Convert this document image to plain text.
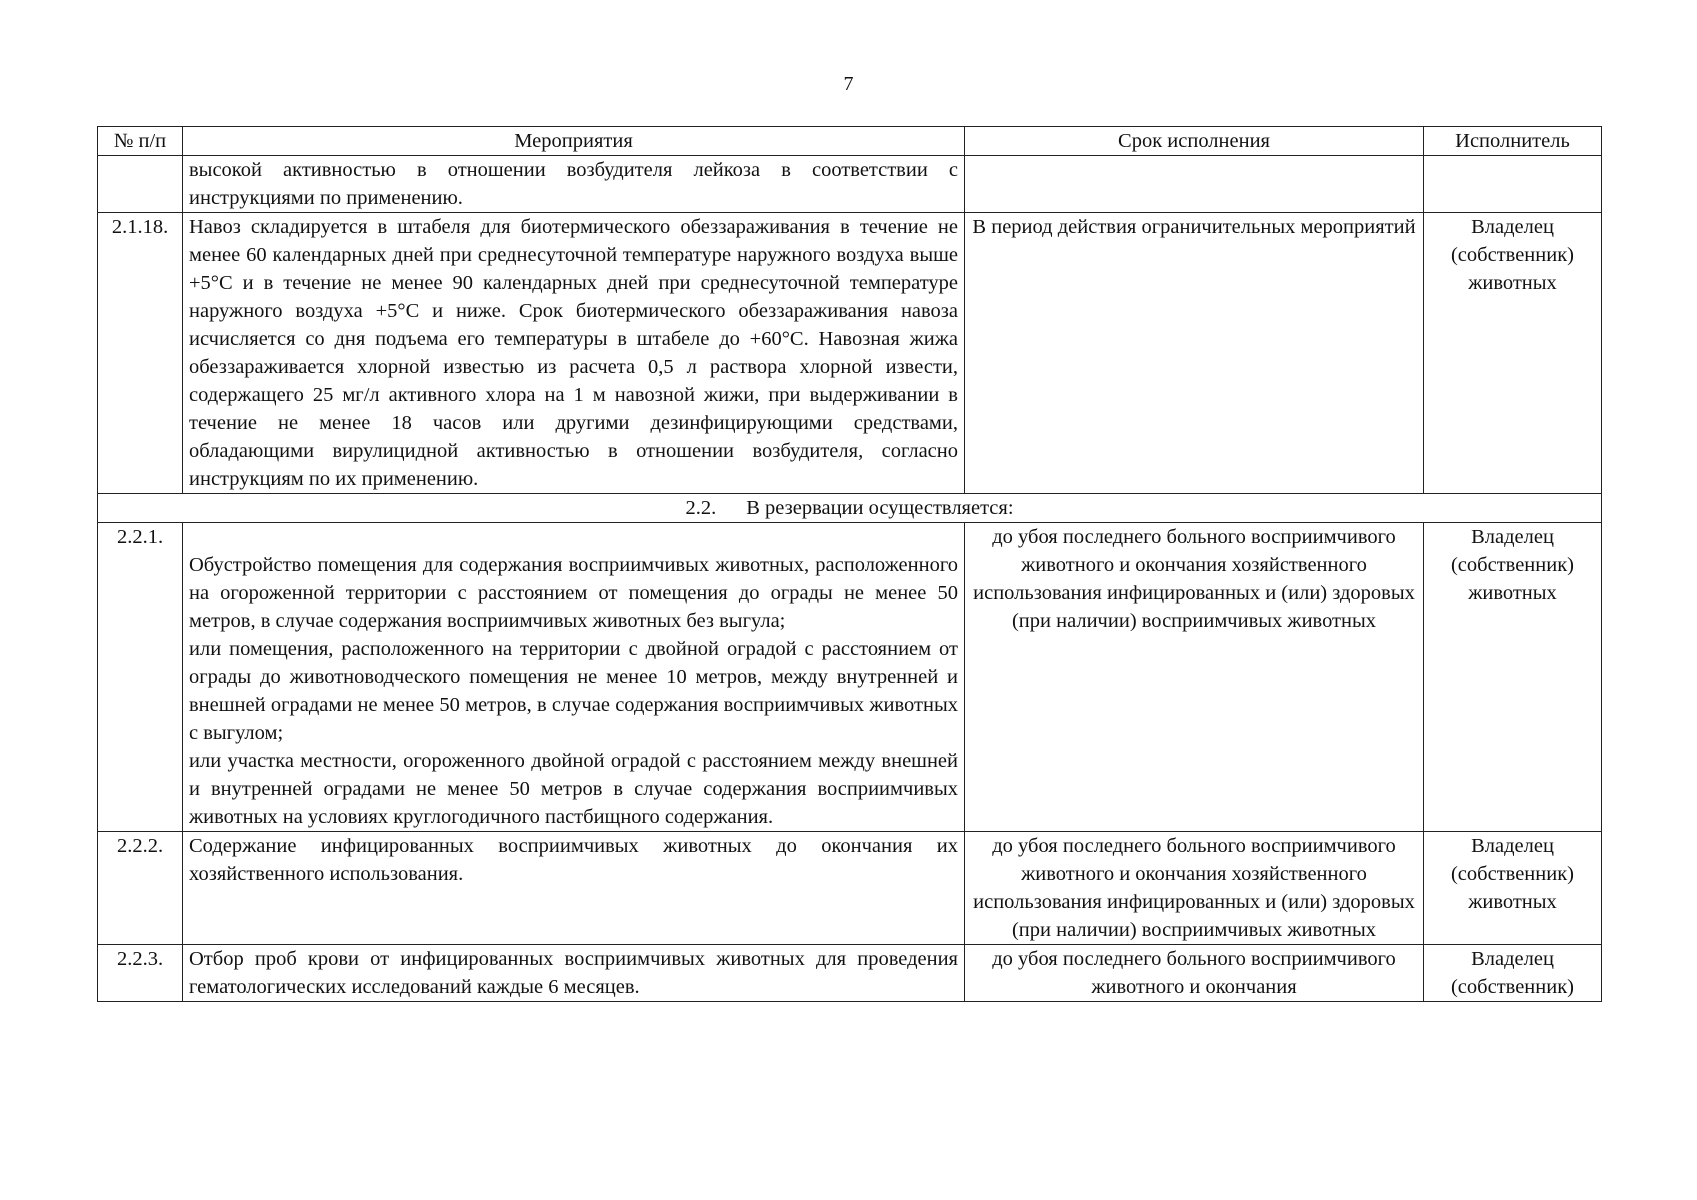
7
№ п/п	Мероприятия	Срок исполнения	Исполнитель
	высокой активностью в отношении возбудителя лейкоза в соответствии с инструкциями по применению.		
2.1.18.	Навоз складируется в штабеля для биотермического обеззараживания в течение не менее 60 календарных дней при среднесуточной температуре наружного воздуха выше +5°С и в течение не менее 90 календарных дней при среднесуточной температуре наружного воздуха +5°С и ниже. Срок биотермического обеззараживания навоза исчисляется со дня подъема его температуры в штабеле до +60°С. Навозная жижа обеззараживается хлорной известью из расчета 0,5 л раствора хлорной извести, содержащего 25 мг/л активного хлора на 1 м навозной жижи, при выдерживании в течение не менее 18 часов или другими дезинфицирующими средствами, обладающими вирулицидной активностью в отношении возбудителя, согласно инструкциям по их применению.	В период действия ограничительных мероприятий	Владелец (собственник) животных
2.2. В резервации осуществляется:			
2.2.1.	Обустройство помещения для содержания восприимчивых животных, расположенного на огороженной территории с расстоянием от помещения до ограды не менее 50 метров, в случае содержания восприимчивых животных без выгула;

или помещения, расположенного на территории с двойной оградой с расстоянием от ограды до животноводческого помещения не менее 10 метров, между внутренней и внешней оградами не менее 50 метров, в случае содержания восприимчивых животных с выгулом;

или участка местности, огороженного двойной оградой с расстоянием между внешней и внутренней оградами не менее 50 метров в случае содержания восприимчивых животных на условиях круглогодичного пастбищного содержания.	до убоя последнего больного восприимчивого животного и окончания хозяйственного использования инфицированных и (или) здоровых (при наличии) восприимчивых животных	Владелец (собственник) животных
2.2.2.	Содержание инфицированных восприимчивых животных до окончания их хозяйственного использования.	до убоя последнего больного восприимчивого животного и окончания хозяйственного использования инфицированных и (или) здоровых (при наличии) восприимчивых животных	Владелец (собственник) животных
2.2.3.	Отбор проб крови от инфицированных восприимчивых животных для проведения гематологических исследований каждые 6 месяцев.	до убоя последнего больного восприимчивого животного и окончания	Владелец (собственник)
